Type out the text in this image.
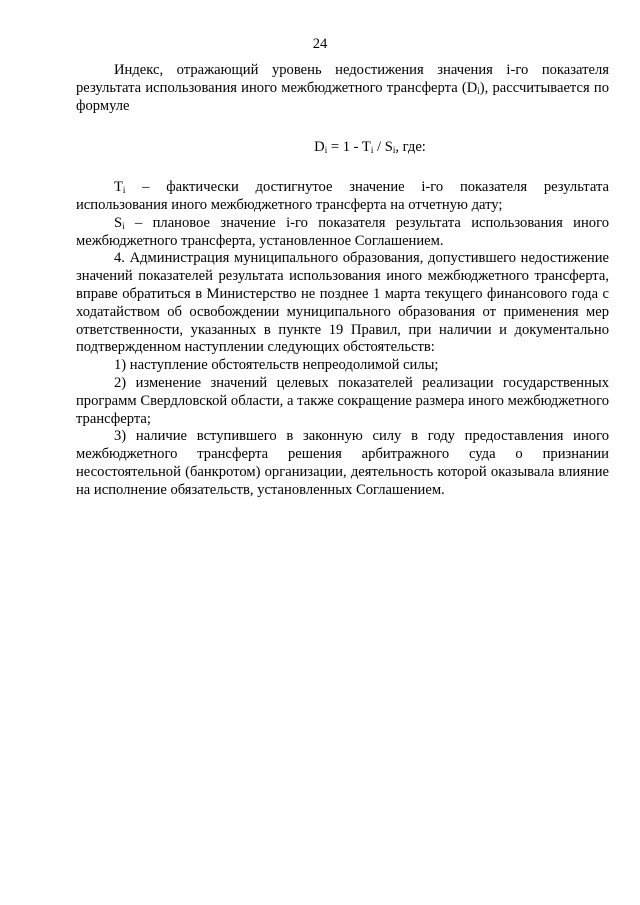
24

Индекс, отражающий уровень недостижения значения i-го показателя результата использования иного межбюджетного трансферта $(D_i)$, рассчитывается по формуле

$D_i = 1 - T_i / S_i$, где:

$T_i$ – фактически достигнутое значение i-го показателя результата использования иного межбюджетного трансферта на отчетную дату;

$S_i$ – плановое значение i-го показателя результата использования иного межбюджетного трансферта, установленное Соглашением.

4. Администрация муниципального образования, допустившего недостижение значений показателей результата использования иного межбюджетного трансферта, вправе обратиться в Министерство не позднее 1 марта текущего финансового года с ходатайством об освобождении муниципального образования от применения мер ответственности, указанных в пункте 19 Правил, при наличии и документально подтвержденном наступлении следующих обстоятельств:

1) наступление обстоятельств непреодолимой силы;

2) изменение значений целевых показателей реализации государственных программ Свердловской области, а также сокращение размера иного межбюджетного трансферта;

3) наличие вступившего в законную силу в году предоставления иного межбюджетного трансферта решения арбитражного суда о признании несостоятельной (банкротом) организации, деятельность которой оказывала влияние на исполнение обязательств, установленных Соглашением.
